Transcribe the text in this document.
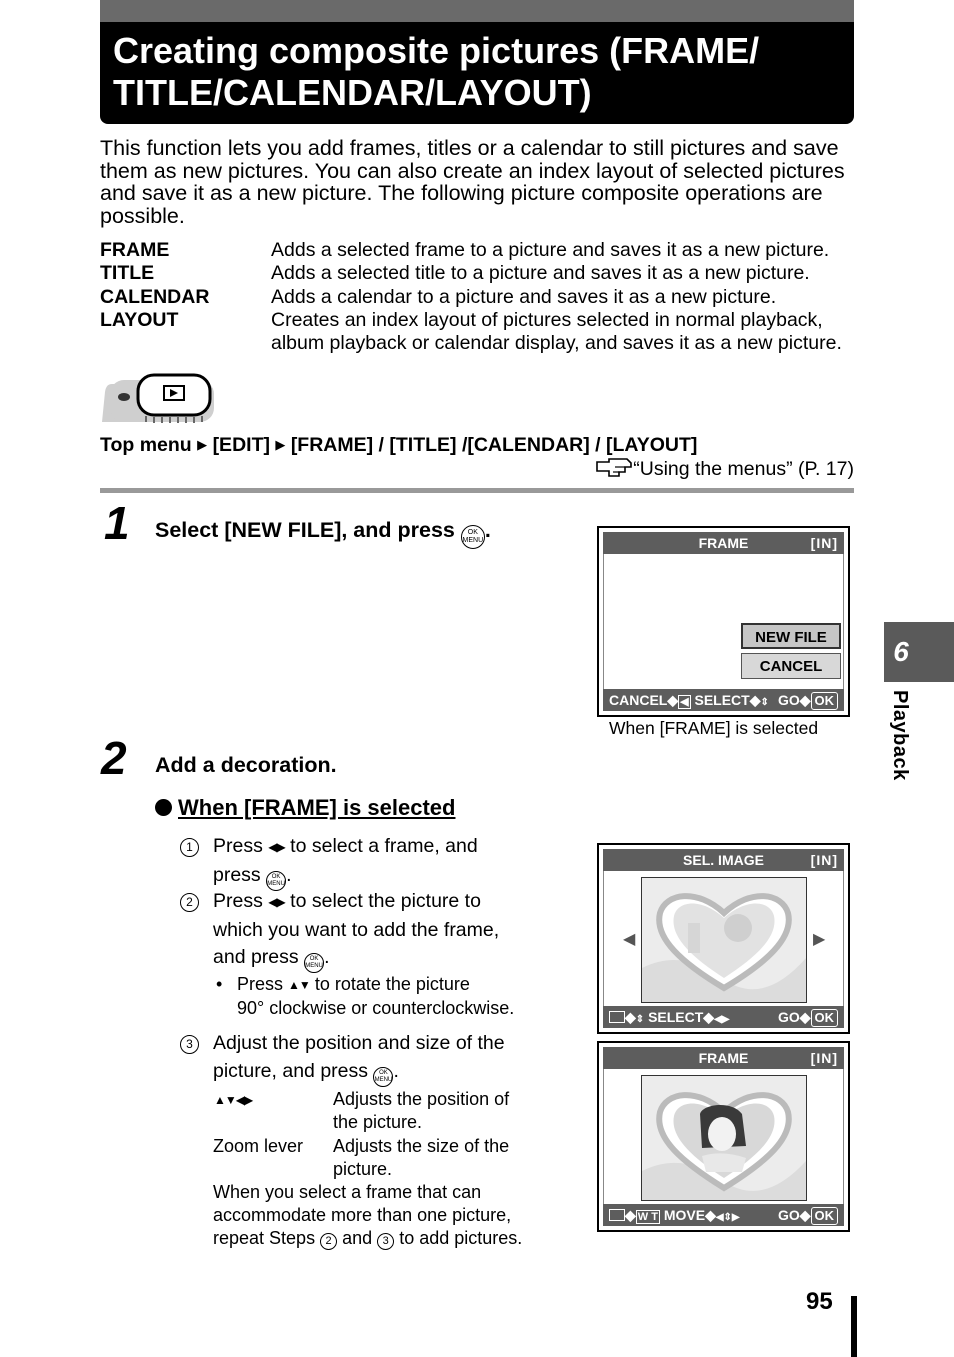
Creating composite pictures (FRAME/ TITLE/CALENDAR/LAYOUT)
This function lets you add frames, titles or a calendar to still pictures and save them as new pictures. You can also create an index layout of selected pictures and save it as a new picture. The following picture composite operations are possible.
FRAME	Adds a selected frame to a picture and saves it as a new picture.
TITLE	Adds a selected title to a picture and saves it as a new picture.
CALENDAR	Adds a calendar to a picture and saves it as a new picture.
LAYOUT	Creates an index layout of pictures selected in normal playback, album playback or calendar display, and saves it as a new picture.
Top menu ▶ [EDIT] ▶ [FRAME] / [TITLE] /[CALENDAR] / [LAYOUT]
“Using the menus” (P. 17)
1 Select [NEW FILE], and press OK
MENU.
FRAME	[IN]
NEW FILE
CANCEL
CANCEL◆ ◀ SELECT◆⇕ GO◆ OK
When [FRAME] is selected
2 Add a decoration.
When [FRAME] is selected
1	Press ◀▶ to select a frame, and
press OK
MENU.
2	Press ◀▶ to select the picture to
which you want to add the frame,
and press OK
MENU.
• Press ▲▼ to rotate the picture
90° clockwise or counterclockwise.
3	Adjust the position and size of the
picture, and press OK
MENU.
▲▼◀▶	Adjusts the position of
the picture.
Zoom lever Adjusts the size of the
picture.
When you select a frame that can accommodate more than one picture, repeat Steps 2 and 3 to add pictures.
SEL. IMAGE	[IN]
◀	▶
◆⇕ SELECT◆◀▶	GO◆ OK
FRAME	[IN]
◆ W T MOVE◆◀⇕▶	GO◆ OK
6
Playback
95
